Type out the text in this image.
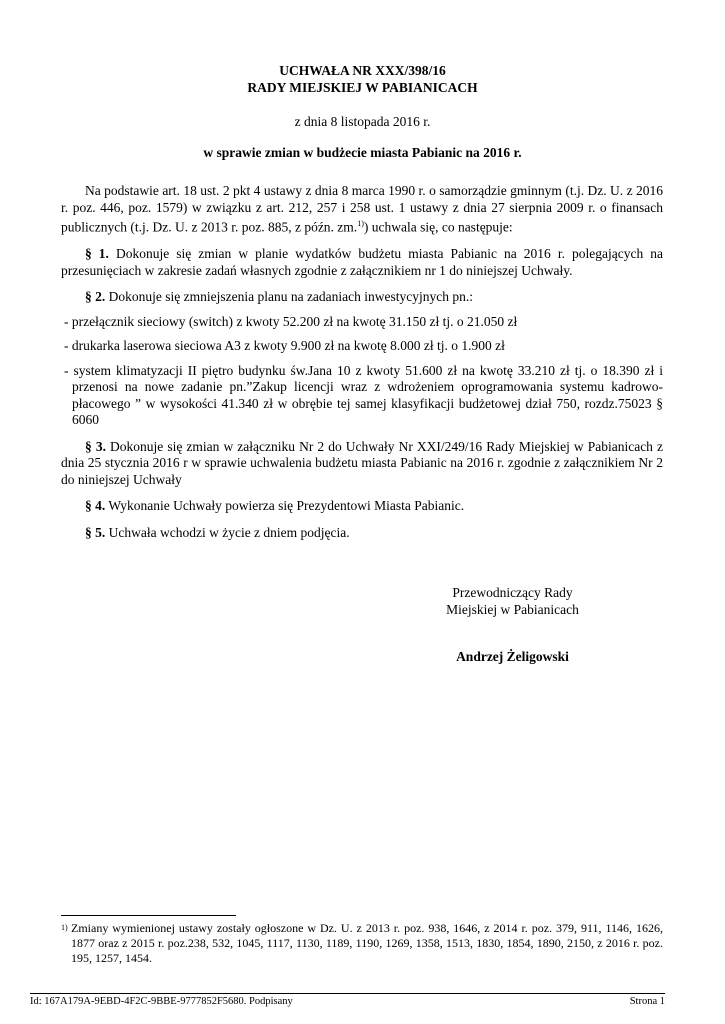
UCHWAŁA NR XXX/398/16
RADY MIEJSKIEJ W PABIANICACH
z dnia 8 listopada 2016 r.
w sprawie zmian w budżecie miasta Pabianic na 2016 r.

Na podstawie art. 18 ust. 2 pkt 4 ustawy z dnia 8 marca 1990 r. o samorządzie gminnym (t.j. Dz. U. z 2016 r. poz. 446, poz. 1579) w związku z art. 212, 257 i 258 ust. 1 ustawy z dnia 27 sierpnia 2009 r. o finansach publicznych (t.j. Dz. U. z 2013 r. poz. 885, z późn. zm.$^{1)}$) uchwala się, co następuje:

§ 1. Dokonuje się zmian w planie wydatków budżetu miasta Pabianic na 2016 r. polegających na przesunięciach w zakresie zadań własnych zgodnie z załącznikiem nr 1 do niniejszej Uchwały.

§ 2. Dokonuje się zmniejszenia planu na zadaniach inwestycyjnych pn.:

- przełącznik sieciowy (switch) z kwoty 52.200 zł na kwotę 31.150 zł tj. o 21.050 zł
- drukarka laserowa sieciowa A3 z kwoty 9.900 zł na kwotę 8.000 zł tj. o 1.900 zł
- system klimatyzacji II piętro budynku św.Jana 10 z kwoty 51.600 zł na kwotę 33.210 zł tj. o 18.390 zł i przenosi na nowe zadanie pn.”Zakup licencji wraz z wdrożeniem oprogramowania systemu kadrowo-płacowego ” w wysokości 41.340 zł w obrębie tej samej klasyfikacji budżetowej dział 750, rozdz.75023 § 6060

§ 3. Dokonuje się zmian w załączniku Nr 2 do Uchwały Nr XXI/249/16 Rady Miejskiej w Pabianicach z dnia 25 stycznia 2016 r w sprawie uchwalenia budżetu miasta Pabianic na 2016 r. zgodnie z załącznikiem Nr 2 do niniejszej Uchwały

§ 4. Wykonanie Uchwały powierza się Prezydentowi Miasta Pabianic.

§ 5. Uchwała wchodzi w życie z dniem podjęcia.

Przewodniczący Rady
Miejskiej w Pabianicach
Andrzej Żeligowski
1) Zmiany wymienionej ustawy zostały ogłoszone w Dz. U. z 2013 r. poz. 938, 1646, z 2014 r. poz. 379, 911, 1146, 1626, 1877 oraz z 2015 r. poz.238, 532, 1045, 1117, 1130, 1189, 1190, 1269, 1358, 1513, 1830, 1854, 1890, 2150, z 2016 r. poz. 195, 1257, 1454.
Id: 167A179A-9EBD-4F2C-9BBE-9777852F5680. Podpisany	Strona 1
